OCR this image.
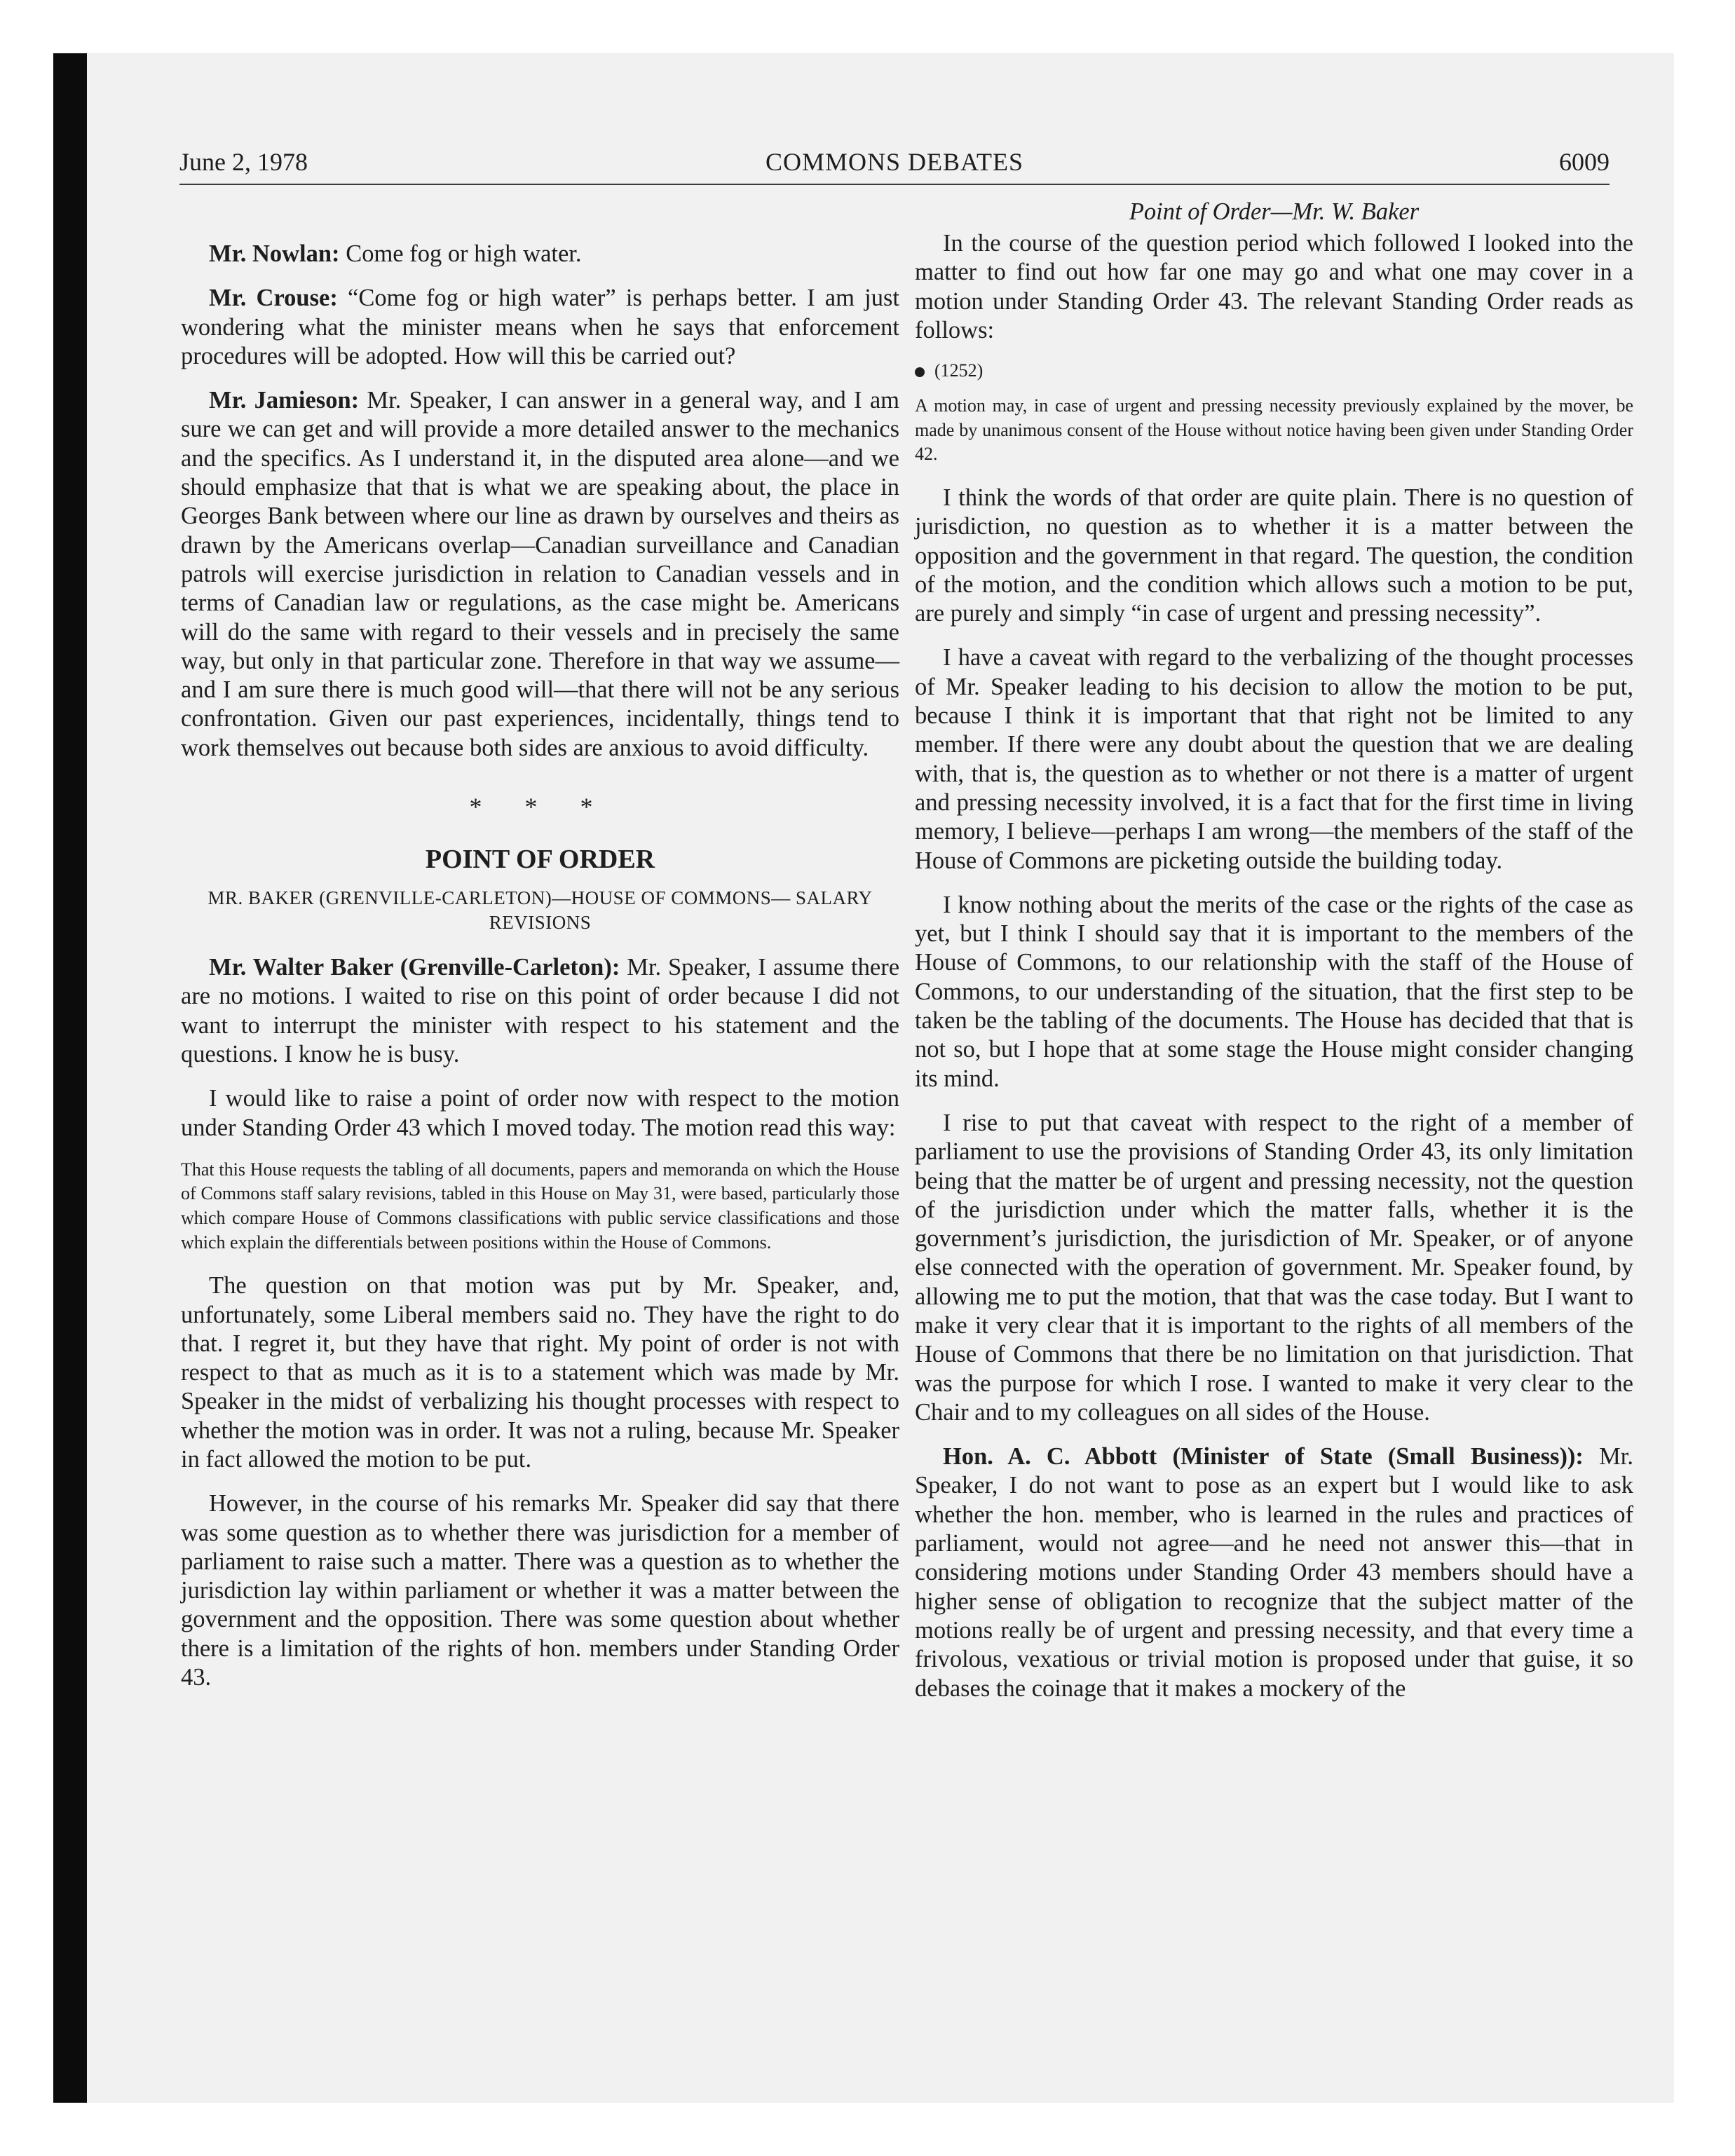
June 2, 1978	COMMONS DEBATES	6009

Mr. Nowlan: Come fog or high water.

Mr. Crouse: “Come fog or high water” is perhaps better. I am just wondering what the minister means when he says that enforcement procedures will be adopted. How will this be carried out?

Mr. Jamieson: Mr. Speaker, I can answer in a general way, and I am sure we can get and will provide a more detailed answer to the mechanics and the specifics. As I understand it, in the disputed area alone—and we should emphasize that that is what we are speaking about, the place in Georges Bank between where our line as drawn by ourselves and theirs as drawn by the Americans overlap—Canadian surveillance and Canadian patrols will exercise jurisdiction in relation to Canadian vessels and in terms of Canadian law or regulations, as the case might be. Americans will do the same with regard to their vessels and in precisely the same way, but only in that particular zone. Therefore in that way we assume—and I am sure there is much good will—that there will not be any serious confrontation. Given our past experiences, incidentally, things tend to work themselves out because both sides are anxious to avoid difficulty.

* * *
POINT OF ORDER
MR. BAKER (GRENVILLE-CARLETON)—HOUSE OF COMMONS— SALARY REVISIONS

Mr. Walter Baker (Grenville-Carleton): Mr. Speaker, I assume there are no motions. I waited to rise on this point of order because I did not want to interrupt the minister with respect to his statement and the questions. I know he is busy.

I would like to raise a point of order now with respect to the motion under Standing Order 43 which I moved today. The motion read this way:

That this House requests the tabling of all documents, papers and memoranda on which the House of Commons staff salary revisions, tabled in this House on May 31, were based, particularly those which compare House of Commons classifications with public service classifications and those which explain the differentials between positions within the House of Commons.

The question on that motion was put by Mr. Speaker, and, unfortunately, some Liberal members said no. They have the right to do that. I regret it, but they have that right. My point of order is not with respect to that as much as it is to a statement which was made by Mr. Speaker in the midst of verbalizing his thought processes with respect to whether the motion was in order. It was not a ruling, because Mr. Speaker in fact allowed the motion to be put.

However, in the course of his remarks Mr. Speaker did say that there was some question as to whether there was jurisdiction for a member of parliament to raise such a matter. There was a question as to whether the jurisdiction lay within parliament or whether it was a matter between the government and the opposition. There was some question about whether there is a limitation of the rights of hon. members under Standing Order 43.

Point of Order—Mr. W. Baker

In the course of the question period which followed I looked into the matter to find out how far one may go and what one may cover in a motion under Standing Order 43. The relevant Standing Order reads as follows:

(1252)
A motion may, in case of urgent and pressing necessity previously explained by the mover, be made by unanimous consent of the House without notice having been given under Standing Order 42.

I think the words of that order are quite plain. There is no question of jurisdiction, no question as to whether it is a matter between the opposition and the government in that regard. The question, the condition of the motion, and the condition which allows such a motion to be put, are purely and simply “in case of urgent and pressing necessity”.

I have a caveat with regard to the verbalizing of the thought processes of Mr. Speaker leading to his decision to allow the motion to be put, because I think it is important that that right not be limited to any member. If there were any doubt about the question that we are dealing with, that is, the question as to whether or not there is a matter of urgent and pressing necessity involved, it is a fact that for the first time in living memory, I believe—perhaps I am wrong—the members of the staff of the House of Commons are picketing outside the building today.

I know nothing about the merits of the case or the rights of the case as yet, but I think I should say that it is important to the members of the House of Commons, to our relationship with the staff of the House of Commons, to our understanding of the situation, that the first step to be taken be the tabling of the documents. The House has decided that that is not so, but I hope that at some stage the House might consider changing its mind.

I rise to put that caveat with respect to the right of a member of parliament to use the provisions of Standing Order 43, its only limitation being that the matter be of urgent and pressing necessity, not the question of the jurisdiction under which the matter falls, whether it is the government’s jurisdiction, the jurisdiction of Mr. Speaker, or of anyone else connected with the operation of government. Mr. Speaker found, by allowing me to put the motion, that that was the case today. But I want to make it very clear that it is important to the rights of all members of the House of Commons that there be no limitation on that jurisdiction. That was the purpose for which I rose. I wanted to make it very clear to the Chair and to my colleagues on all sides of the House.

Hon. A. C. Abbott (Minister of State (Small Business)): Mr. Speaker, I do not want to pose as an expert but I would like to ask whether the hon. member, who is learned in the rules and practices of parliament, would not agree—and he need not answer this—that in considering motions under Standing Order 43 members should have a higher sense of obligation to recognize that the subject matter of the motions really be of urgent and pressing necessity, and that every time a frivolous, vexatious or trivial motion is proposed under that guise, it so debases the coinage that it makes a mockery of the
